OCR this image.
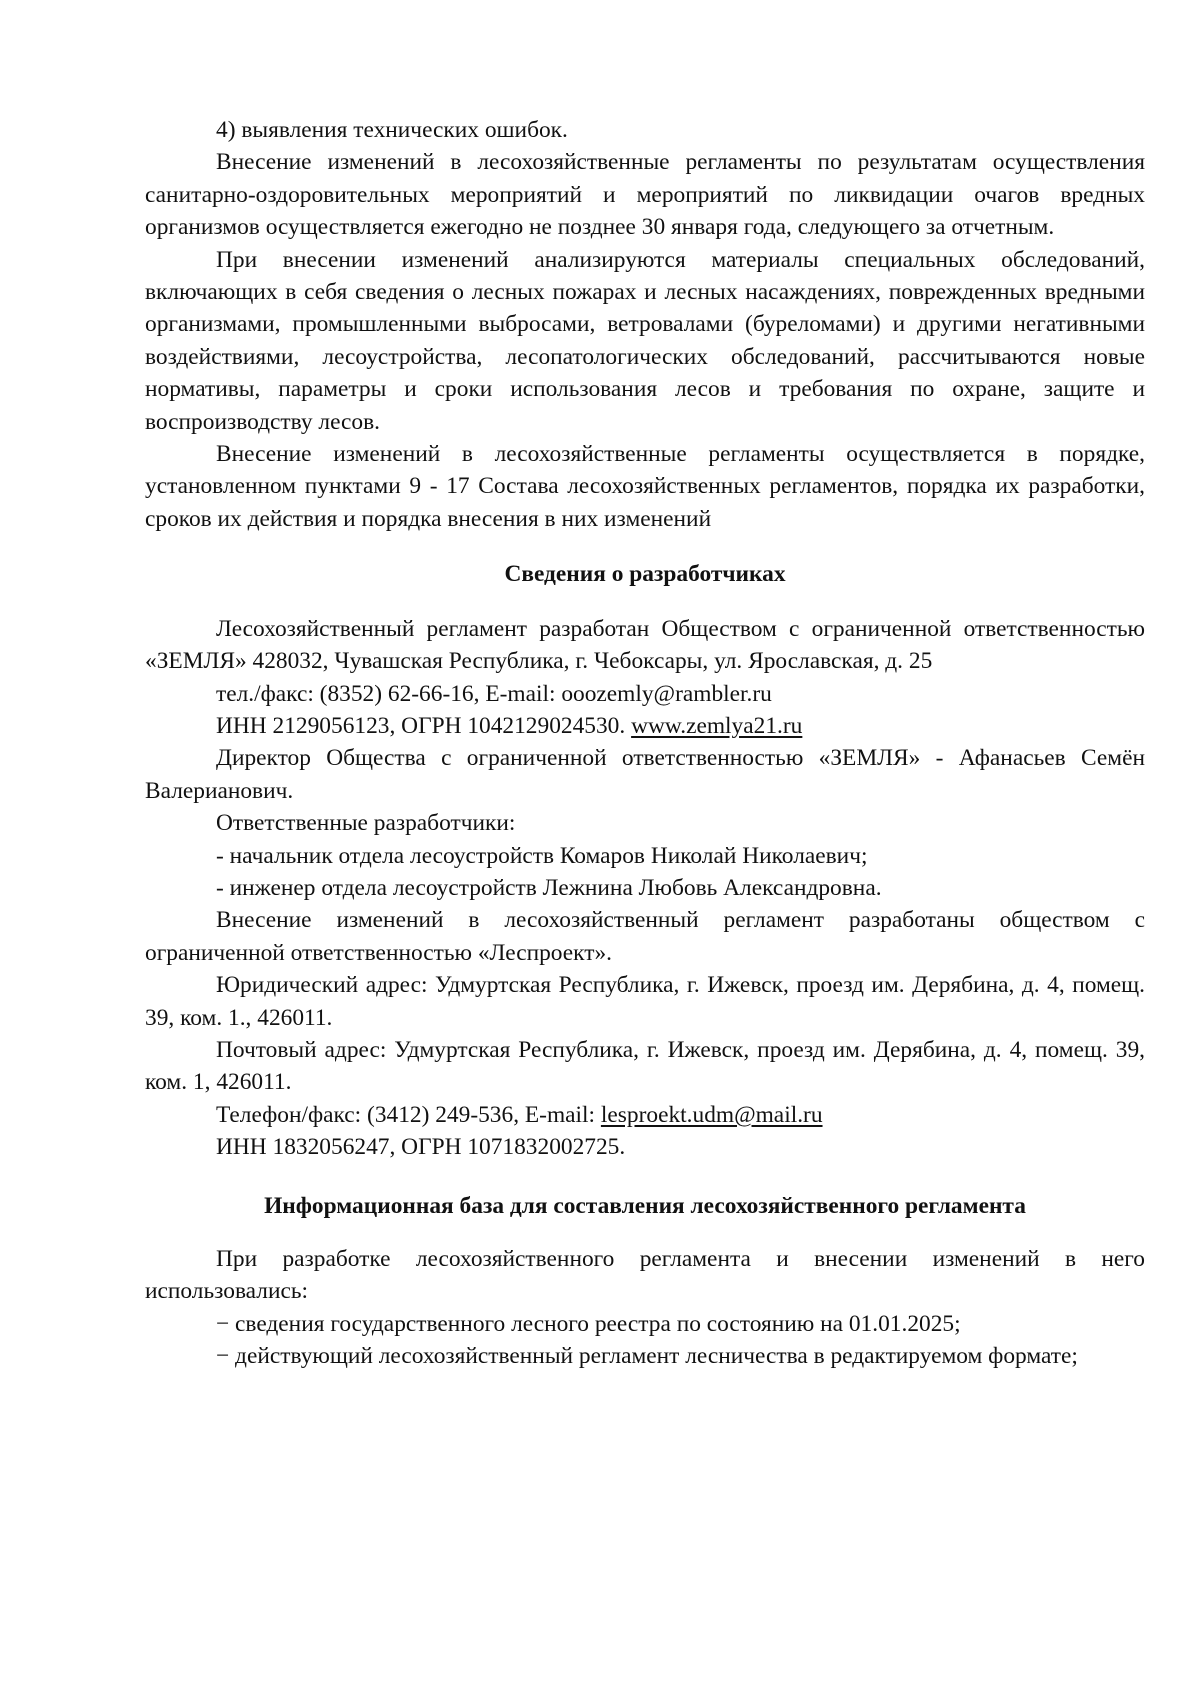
4) выявления технических ошибок.

Внесение изменений в лесохозяйственные регламенты по результатам осуществления санитарно-оздоровительных мероприятий и мероприятий по ликвидации очагов вредных организмов осуществляется ежегодно не позднее 30 января года, следующего за отчетным.

При внесении изменений анализируются материалы специальных обследований, включающих в себя сведения о лесных пожарах и лесных насаждениях, поврежденных вредными организмами, промышленными выбросами, ветровалами (буреломами) и другими негативными воздействиями, лесоустройства, лесопатологических обследований, рассчитываются новые нормативы, параметры и сроки использования лесов и требования по охране, защите и воспроизводству лесов.

Внесение изменений в лесохозяйственные регламенты осуществляется в порядке, установленном пунктами 9 - 17 Состава лесохозяйственных регламентов, порядка их разработки, сроков их действия и порядка внесения в них изменений

Сведения о разработчиках

Лесохозяйственный регламент разработан Обществом с ограниченной ответственностью «ЗЕМЛЯ» 428032, Чувашская Республика, г. Чебоксары, ул. Ярославская, д. 25

тел./факс: (8352) 62-66-16, E-mail: ooozemly@rambler.ru

ИНН 2129056123, ОГРН 1042129024530. www.zemlya21.ru

Директор Общества с ограниченной ответственностью «ЗЕМЛЯ» - Афанасьев Семён Валерианович.

Ответственные разработчики:

- начальник отдела лесоустройств Комаров Николай Николаевич;

- инженер отдела лесоустройств Лежнина Любовь Александровна.

Внесение изменений в лесохозяйственный регламент разработаны обществом с ограниченной ответственностью «Леспроект».

Юридический адрес: Удмуртская Республика, г. Ижевск, проезд им. Дерябина, д. 4, помещ. 39, ком. 1., 426011.

Почтовый адрес: Удмуртская Республика, г. Ижевск, проезд им. Дерябина, д. 4, помещ. 39, ком. 1, 426011.

Телефон/факс: (3412) 249-536, E-mail: lesproekt.udm@mail.ru

ИНН 1832056247, ОГРН 1071832002725.

Информационная база для составления лесохозяйственного регламента

При разработке лесохозяйственного регламента и внесении изменений в него использовались:

− сведения государственного лесного реестра по состоянию на 01.01.2025;

− действующий лесохозяйственный регламент лесничества в редактируемом формате;
